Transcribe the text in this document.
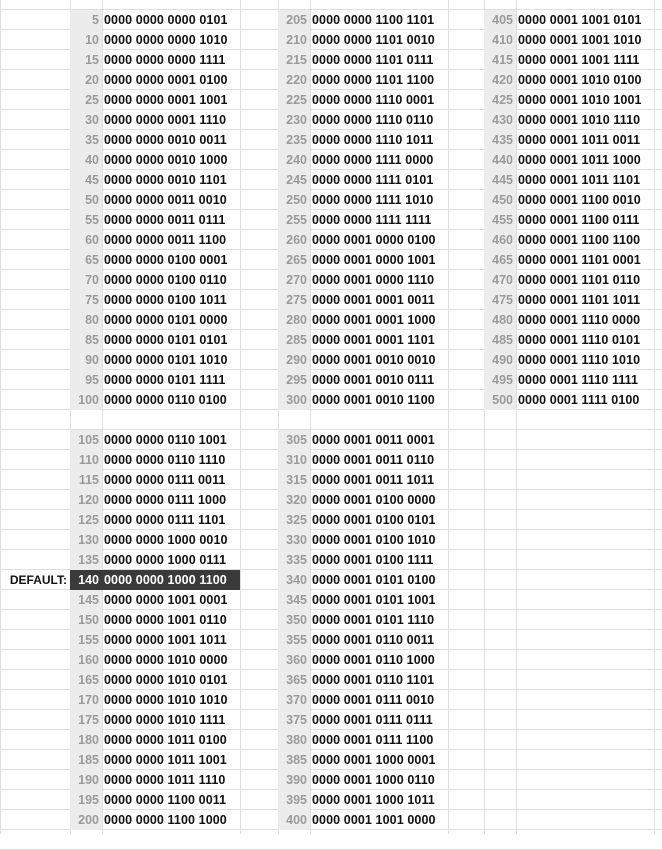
5 0000 0000 0000 0101
10 0000 0000 0000 1010
15 0000 0000 0000 1111
20 0000 0000 0001 0100
25 0000 0000 0001 1001
30 0000 0000 0001 1110
35 0000 0000 0010 0011
40 0000 0000 0010 1000
45 0000 0000 0010 1101
50 0000 0000 0011 0010
55 0000 0000 0011 0111
60 0000 0000 0011 1100
65 0000 0000 0100 0001
70 0000 0000 0100 0110
75 0000 0000 0100 1011
80 0000 0000 0101 0000
85 0000 0000 0101 0101
90 0000 0000 0101 1010
95 0000 0000 0101 1111
100 0000 0000 0110 0100
205 0000 0000 1100 1101
210 0000 0000 1101 0010
215 0000 0000 1101 0111
220 0000 0000 1101 1100
225 0000 0000 1110 0001
230 0000 0000 1110 0110
235 0000 0000 1110 1011
240 0000 0000 1111 0000
245 0000 0000 1111 0101
250 0000 0000 1111 1010
255 0000 0000 1111 1111
260 0000 0001 0000 0100
265 0000 0001 0000 1001
270 0000 0001 0000 1110
275 0000 0001 0001 0011
280 0000 0001 0001 1000
285 0000 0001 0001 1101
290 0000 0001 0010 0010
295 0000 0001 0010 0111
300 0000 0001 0010 1100
405 0000 0001 1001 0101
410 0000 0001 1001 1010
415 0000 0001 1001 1111
420 0000 0001 1010 0100
425 0000 0001 1010 1001
430 0000 0001 1010 1110
435 0000 0001 1011 0011
440 0000 0001 1011 1000
445 0000 0001 1011 1101
450 0000 0001 1100 0010
455 0000 0001 1100 0111
460 0000 0001 1100 1100
465 0000 0001 1101 0001
470 0000 0001 1101 0110
475 0000 0001 1101 1011
480 0000 0001 1110 0000
485 0000 0001 1110 0101
490 0000 0001 1110 1010
495 0000 0001 1110 1111
500 0000 0001 1111 0100
105 0000 0000 0110 1001
110 0000 0000 0110 1110
115 0000 0000 0111 0011
120 0000 0000 0111 1000
125 0000 0000 0111 1101
130 0000 0000 1000 0010
135 0000 0000 1000 0111
140 0000 0000 1000 1100
DEFAULT:
145 0000 0000 1001 0001
150 0000 0000 1001 0110
155 0000 0000 1001 1011
160 0000 0000 1010 0000
165 0000 0000 1010 0101
170 0000 0000 1010 1010
175 0000 0000 1010 1111
180 0000 0000 1011 0100
185 0000 0000 1011 1001
190 0000 0000 1011 1110
195 0000 0000 1100 0011
200 0000 0000 1100 1000
305 0000 0001 0011 0001
310 0000 0001 0011 0110
315 0000 0001 0011 1011
320 0000 0001 0100 0000
325 0000 0001 0100 0101
330 0000 0001 0100 1010
335 0000 0001 0100 1111
340 0000 0001 0101 0100
345 0000 0001 0101 1001
350 0000 0001 0101 1110
355 0000 0001 0110 0011
360 0000 0001 0110 1000
365 0000 0001 0110 1101
370 0000 0001 0111 0010
375 0000 0001 0111 0111
380 0000 0001 0111 1100
385 0000 0001 1000 0001
390 0000 0001 1000 0110
395 0000 0001 1000 1011
400 0000 0001 1001 0000
